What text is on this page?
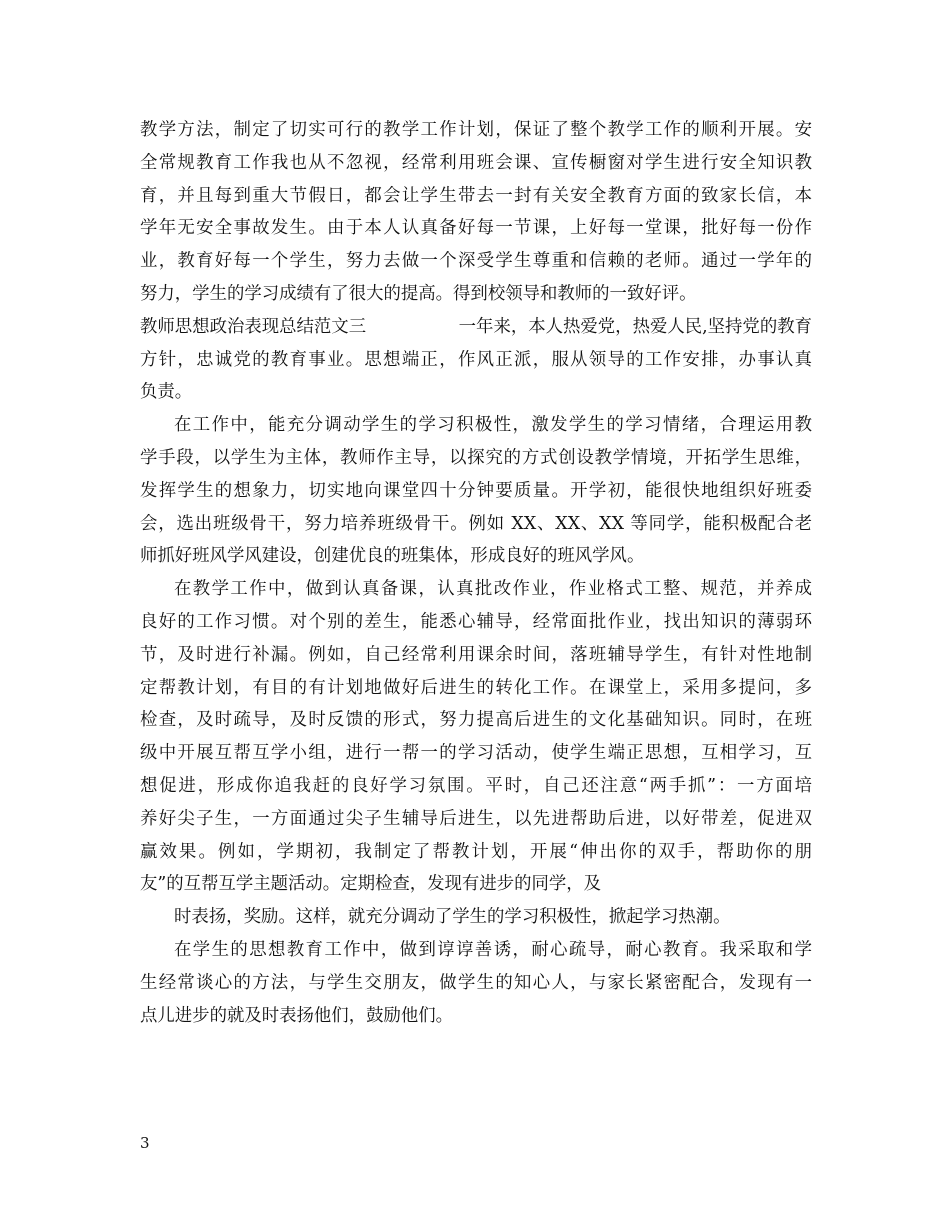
教学方法，制定了切实可行的教学工作计划，保证了整个教学工作的顺利开展。安
全常规教育工作我也从不忽视，经常利用班会课、宣传橱窗对学生进行安全知识教
育，并且每到重大节假日，都会让学生带去一封有关安全教育方面的致家长信，本
学年无安全事故发生。由于本人认真备好每一节课，上好每一堂课，批好每一份作
业，教育好每一个学生，努力去做一个深受学生尊重和信赖的老师。通过一学年的
努力，学生的学习成绩有了很大的提高。得到校领导和教师的一致好评。
教师思想政治表现总结范文三	一年来，本人热爱党，热爱人民,坚持党的教育
方针，忠诚党的教育事业。思想端正，作风正派，服从领导的工作安排，办事认真
负责。
在工作中，能充分调动学生的学习积极性，激发学生的学习情绪，合理运用教
学手段，以学生为主体，教师作主导，以探究的方式创设教学情境，开拓学生思维，
发挥学生的想象力，切实地向课堂四十分钟要质量。开学初，能很快地组织好班委
会，选出班级骨干，努力培养班级骨干。例如 XX、XX、XX 等同学，能积极配合老
师抓好班风学风建设，创建优良的班集体，形成良好的班风学风。
在教学工作中，做到认真备课，认真批改作业，作业格式工整、规范，并养成
良好的工作习惯。对个别的差生，能悉心辅导，经常面批作业，找出知识的薄弱环
节，及时进行补漏。例如，自己经常利用课余时间，落班辅导学生，有针对性地制
定帮教计划，有目的有计划地做好后进生的转化工作。在课堂上，采用多提问，多
检查，及时疏导，及时反馈的形式，努力提高后进生的文化基础知识。同时，在班
级中开展互帮互学小组，进行一帮一的学习活动，使学生端正思想，互相学习，互
想促进，形成你追我赶的良好学习氛围。平时，自己还注意“两手抓”：一方面培
养好尖子生，一方面通过尖子生辅导后进生，以先进帮助后进，以好带差，促进双
赢效果。例如，学期初，我制定了帮教计划，开展“伸出你的双手，帮助你的朋
友”的互帮互学主题活动。定期检查，发现有进步的同学，及
时表扬，奖励。这样，就充分调动了学生的学习积极性，掀起学习热潮。
在学生的思想教育工作中，做到谆谆善诱，耐心疏导，耐心教育。我采取和学
生经常谈心的方法，与学生交朋友，做学生的知心人，与家长紧密配合，发现有一
点儿进步的就及时表扬他们，鼓励他们。
3
